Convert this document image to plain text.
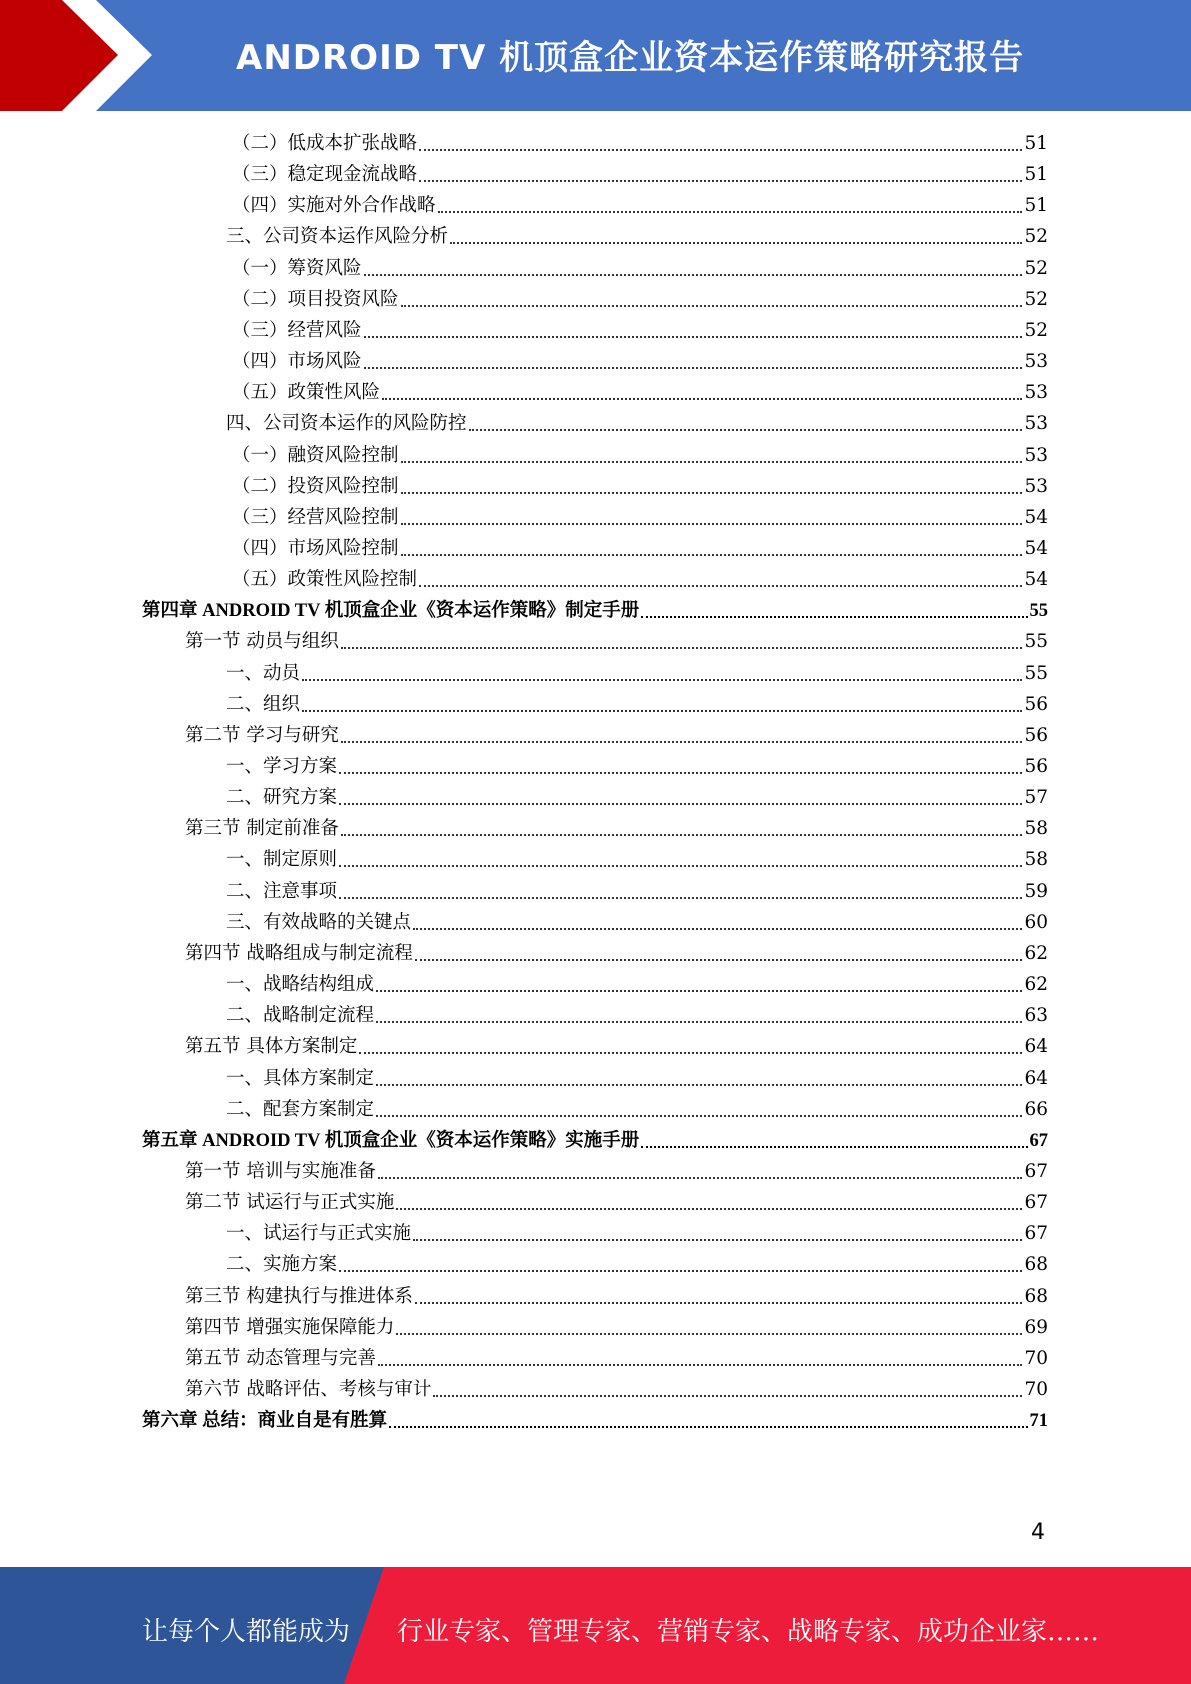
ANDROID TV 机顶盒企业资本运作策略研究报告
（二）低成本扩张战略	51
（三）稳定现金流战略	51
（四）实施对外合作战略	51
三、公司资本运作风险分析	52
（一）筹资风险	52
（二）项目投资风险	52
（三）经营风险	52
（四）市场风险	53
（五）政策性风险	53
四、公司资本运作的风险防控	53
（一）融资风险控制	53
（二）投资风险控制	53
（三）经营风险控制	54
（四）市场风险控制	54
（五）政策性风险控制	54
第四章 ANDROID TV 机顶盒企业《资本运作策略》制定手册	55
第一节 动员与组织	55
一、动员	55
二、组织	56
第二节 学习与研究	56
一、学习方案	56
二、研究方案	57
第三节 制定前准备	58
一、制定原则	58
二、注意事项	59
三、有效战略的关键点	60
第四节 战略组成与制定流程	62
一、战略结构组成	62
二、战略制定流程	63
第五节 具体方案制定	64
一、具体方案制定	64
二、配套方案制定	66
第五章 ANDROID TV 机顶盒企业《资本运作策略》实施手册	67
第一节 培训与实施准备	67
第二节 试运行与正式实施	67
一、试运行与正式实施	67
二、实施方案	68
第三节 构建执行与推进体系	68
第四节 增强实施保障能力	69
第五节 动态管理与完善	70
第六节 战略评估、考核与审计	70
第六章 总结：商业自是有胜算	71
4
让每个人都能成为 行业专家、管理专家、营销专家、战略专家、成功企业家……
